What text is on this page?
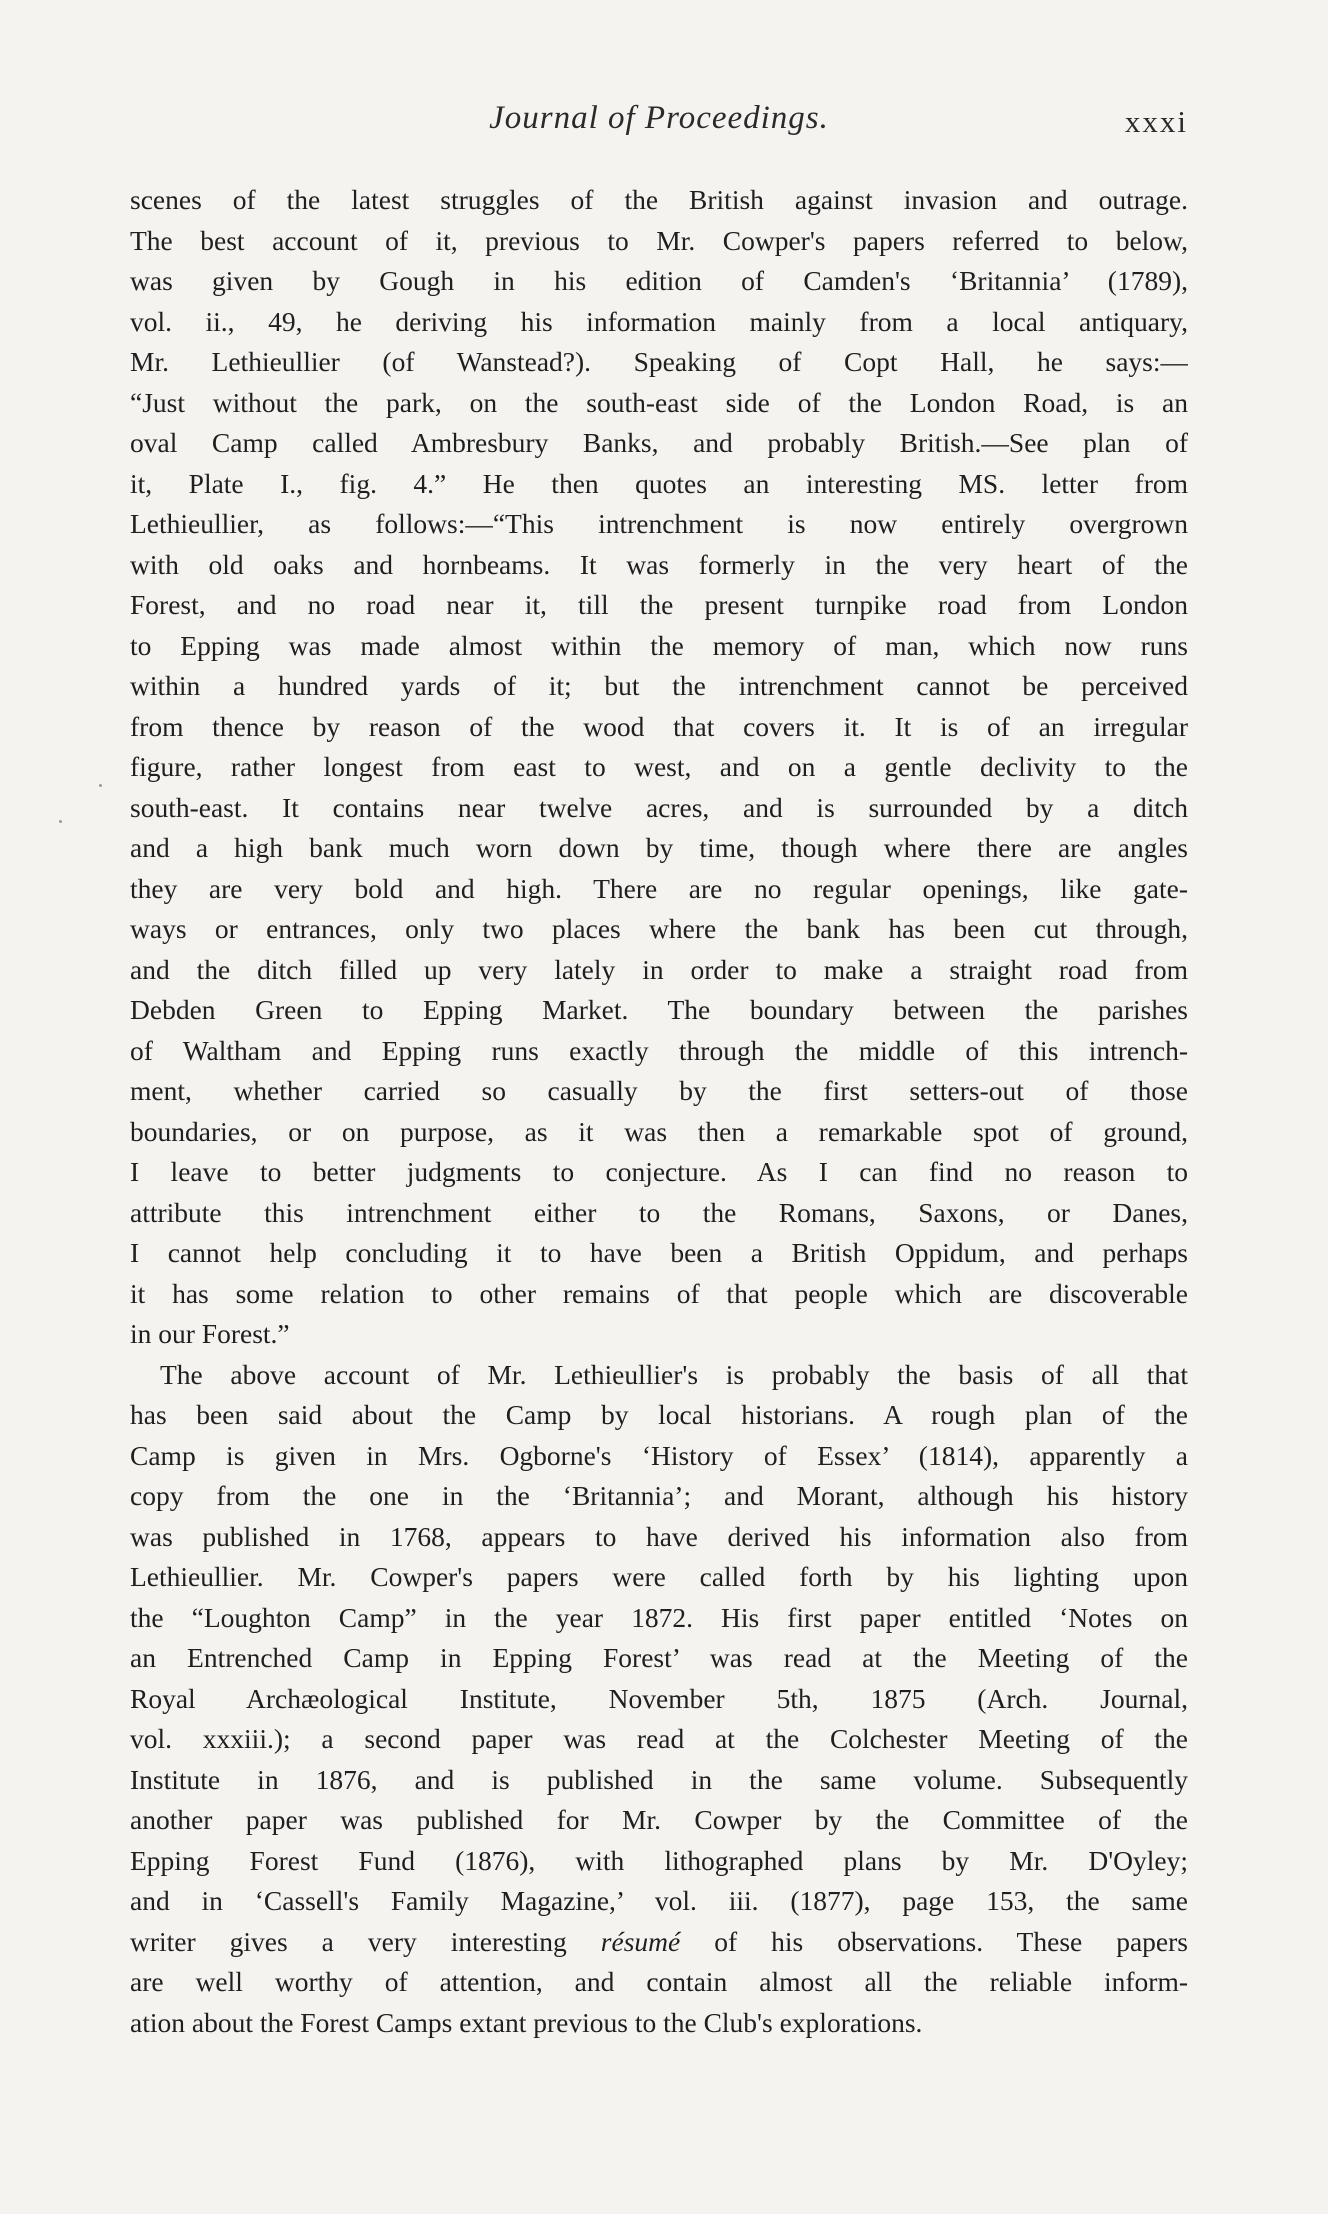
Journal of Proceedings.	xxxi
scenes of the latest struggles of the British against invasion and outrage.
The best account of it, previous to Mr. Cowper's papers referred to below,
was given by Gough in his edition of Camden's ‘Britannia’ (1789),
vol. ii., 49, he deriving his information mainly from a local antiquary,
Mr. Lethieullier (of Wanstead?). Speaking of Copt Hall, he says:—
“Just without the park, on the south-east side of the London Road, is an
oval Camp called Ambresbury Banks, and probably British.—See plan of
it, Plate I., fig. 4.” He then quotes an interesting MS. letter from
Lethieullier, as follows:—“This intrenchment is now entirely overgrown
with old oaks and hornbeams. It was formerly in the very heart of the
Forest, and no road near it, till the present turnpike road from London
to Epping was made almost within the memory of man, which now runs
within a hundred yards of it; but the intrenchment cannot be perceived
from thence by reason of the wood that covers it. It is of an irregular
figure, rather longest from east to west, and on a gentle declivity to the
south-east. It contains near twelve acres, and is surrounded by a ditch
and a high bank much worn down by time, though where there are angles
they are very bold and high. There are no regular openings, like gate-
ways or entrances, only two places where the bank has been cut through,
and the ditch filled up very lately in order to make a straight road from
Debden Green to Epping Market. The boundary between the parishes
of Waltham and Epping runs exactly through the middle of this intrench-
ment, whether carried so casually by the first setters-out of those
boundaries, or on purpose, as it was then a remarkable spot of ground,
I leave to better judgments to conjecture. As I can find no reason to
attribute this intrenchment either to the Romans, Saxons, or Danes,
I cannot help concluding it to have been a British Oppidum, and perhaps
it has some relation to other remains of that people which are discoverable
in our Forest.”
The above account of Mr. Lethieullier's is probably the basis of all that
has been said about the Camp by local historians. A rough plan of the
Camp is given in Mrs. Ogborne's ‘History of Essex’ (1814), apparently a
copy from the one in the ‘Britannia’; and Morant, although his history
was published in 1768, appears to have derived his information also from
Lethieullier. Mr. Cowper's papers were called forth by his lighting upon
the “Loughton Camp” in the year 1872. His first paper entitled ‘Notes on
an Entrenched Camp in Epping Forest’ was read at the Meeting of the
Royal Archæological Institute, November 5th, 1875 (Arch. Journal,
vol. xxxiii.); a second paper was read at the Colchester Meeting of the
Institute in 1876, and is published in the same volume. Subsequently
another paper was published for Mr. Cowper by the Committee of the
Epping Forest Fund (1876), with lithographed plans by Mr. D'Oyley;
and in ‘Cassell's Family Magazine,’ vol. iii. (1877), page 153, the same
writer gives a very interesting résumé of his observations. These papers
are well worthy of attention, and contain almost all the reliable inform-
ation about the Forest Camps extant previous to the Club's explorations.
